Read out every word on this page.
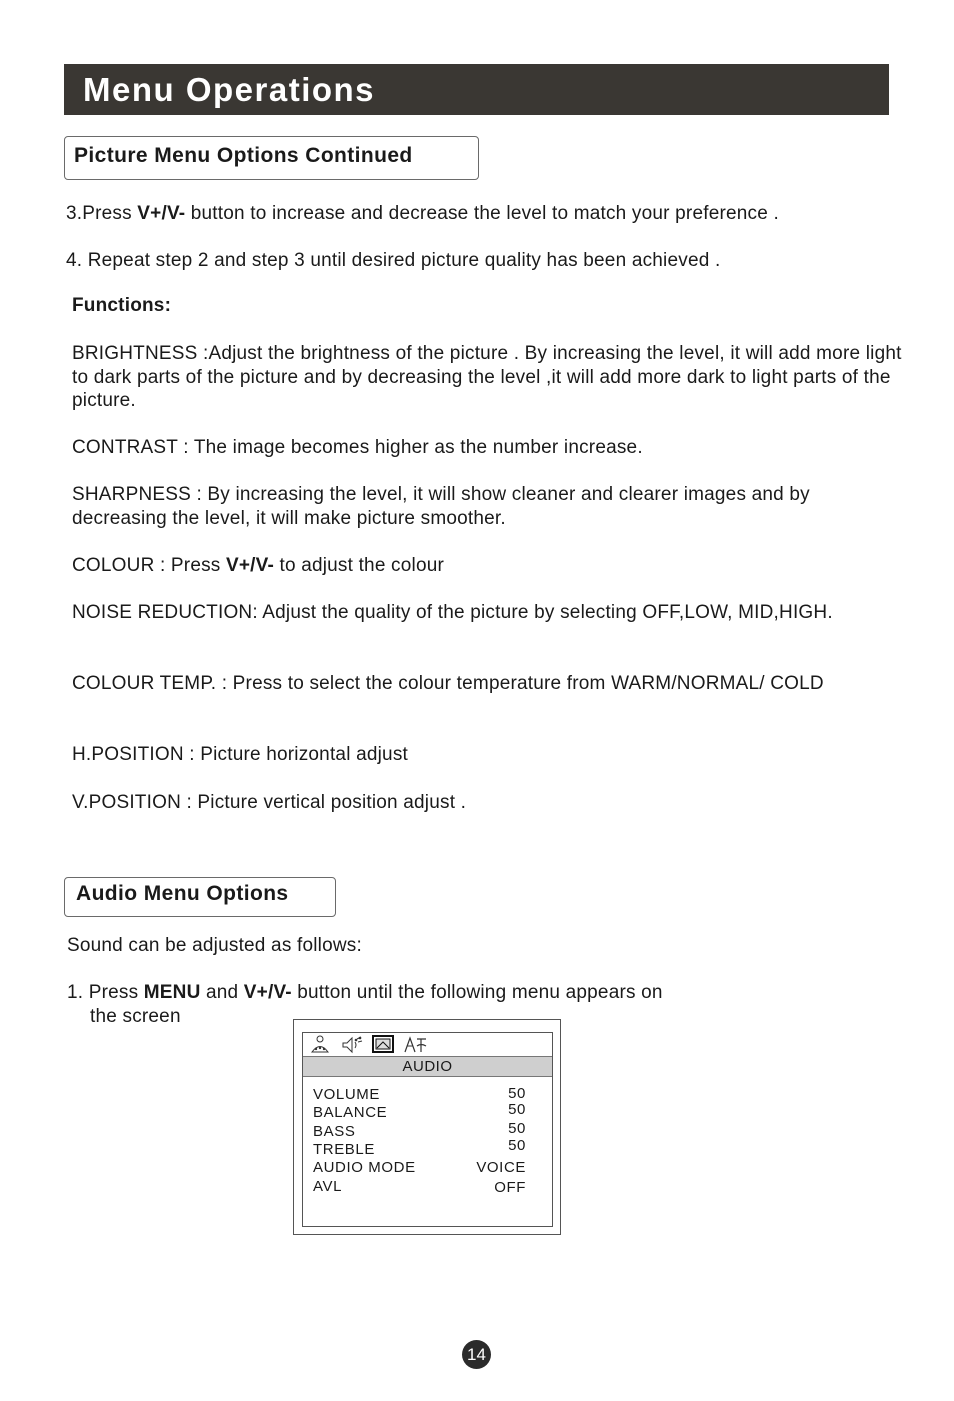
Menu Operations
Picture Menu Options Continued
3.Press V+/V- button to increase and decrease the level to match your preference .
4. Repeat step 2 and step 3 until desired picture quality has been achieved .
Functions:
BRIGHTNESS :Adjust the brightness of the picture . By increasing the level, it will add more light to dark parts of the picture and by decreasing the level ,it will add more dark to light parts of the picture.
CONTRAST : The image becomes higher as the number increase.
SHARPNESS : By increasing the level, it will show cleaner and clearer images and by decreasing the level, it will make picture smoother.
COLOUR : Press V+/V- to adjust the colour
NOISE REDUCTION: Adjust the quality of the picture by selecting OFF,LOW, MID,HIGH.
COLOUR TEMP. : Press to select the colour temperature from WARM/NORMAL/ COLD
H.POSITION : Picture horizontal adjust
V.POSITION : Picture vertical position adjust .
Audio Menu Options
Sound can be adjusted as follows:
1. Press MENU and V+/V- button until the following menu appears on
the screen
AUDIO
VOLUME	50
BALANCE	50
BASS	50
TREBLE	50
AUDIO MODE	VOICE
AVL	OFF
14
